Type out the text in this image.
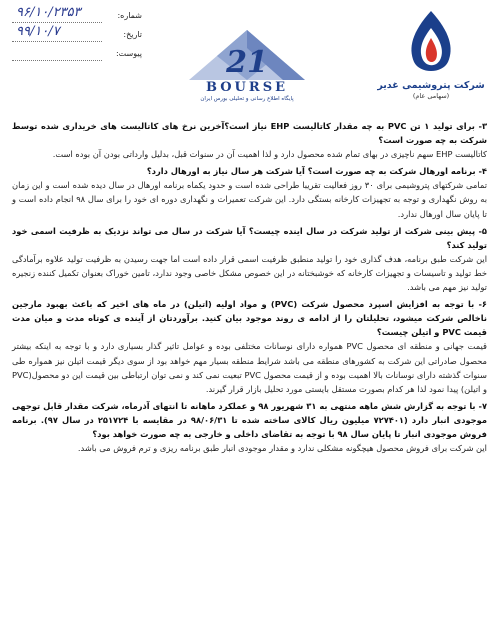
شماره:
۹۶/۱۰/۲۳۵۳
تاریخ:
۹۹/۱۰/۷
پیوست:	21
BOURSE
پایگاه اطلاع رسانی و تحلیلی بورس ایران
شرکت پتروشیمی غدیر
(سهامی عام)

۳- برای تولید ۱ تن PVC به چه مقدار کاتالیست EHP نیاز است؟آخرین نرخ های کاتالیست های خریداری شده توسط شرکت به چه صورت است؟

کاتالیست EHP سهم ناچیزی در بهای تمام شده محصول دارد و لذا اهمیت آن در سنوات قبل، بدلیل وارداتی بودن آن بوده است.

۴- برنامه اورهال شرکت به چه صورت است؟ آیا شرکت هر سال نیاز به اورهال دارد؟

تمامی شرکتهای پتروشیمی برای ۳۰ روز فعالیت تقریبا طراحی شده است و حدود یکماه برنامه اورهال در سال دیده شده است و این زمان به روش نگهداری و توجه به تجهیزات کارخانه بستگی دارد. این شرکت تعمیرات و نگهداری دوره ای خود را برای سال ۹۸ انجام داده است و تا پایان سال اورهال ندارد.

۵- پیش بینی شرکت از تولید شرکت در سال اینده چیست؟ آیا شرکت در سال می تواند نزدیک به ظرفیت اسمی خود تولید کند؟

این شرکت طبق برنامه، هدف گذاری خود را تولید منطبق ظرفیت اسمی قرار داده است اما جهت رسیدن به ظرفیت تولید علاوه برآمادگی خط تولید و تاسیسات و تجهیزات کارخانه که خوشبختانه در این خصوص مشکل خاصی وجود ندارد، تامین خوراک بعنوان تکمیل کننده زنجیره تولید نیز مهم می باشد.

۶- با توجه به افزایش اسپرد محصول شرکت (PVC) و مواد اولیه (اتیلن) در ماه های اخیر که باعث بهبود مارجین ناخالص شرکت میشود، تحلیلتان را از ادامه ی روند موجود بیان کنید. برآوردتان از آینده ی کوتاه مدت و میان مدت قیمت PVC و اتیلن چیست؟

قیمت جهانی و منطقه ای محصول PVC همواره دارای نوسانات مختلفی بوده و عوامل تاثیر گذار بسیاری دارد و با توجه به اینکه بیشتر محصول صادراتی این شرکت به کشورهای منطقه می باشد شرایط منطقه بسیار مهم خواهد بود از سوی دیگر قیمت اتیلن نیز همواره طی سنوات گذشته دارای نوسانات بالا اهمیت بوده و از قیمت محصول PVC تبعیت نمی کند و نمی توان ارتباطی بین قیمت این دو محصول(PVC و اتیلن) پیدا نمود لذا هر کدام بصورت مستقل بایستی مورد تحلیل بازار قرار گیرند.

۷- با توجه به گزارش شش ماهه منتهی به ۳۱ شهریور ۹۸ و عملکرد ماهانه تا انتهای آذرماه، شرکت مقدار قابل توجهی موجودی انبار دارد (۷۲۷۴۰۱ میلیون ریال کالای ساخته شده تا ۹۸/۰۶/۳۱ در مقایسه با ۲۵۱۷۲۴ در سال ۹۷). برنامه فروش موجودی انبار تا پایان سال ۹۸ با توجه به تقاضای داخلی و خارجی به چه صورت خواهد بود؟

این شرکت برای فروش محصول هیچگونه مشکلی ندارد و مقدار موجودی انبار طبق برنامه ریزی و ترم فروش می باشد.
